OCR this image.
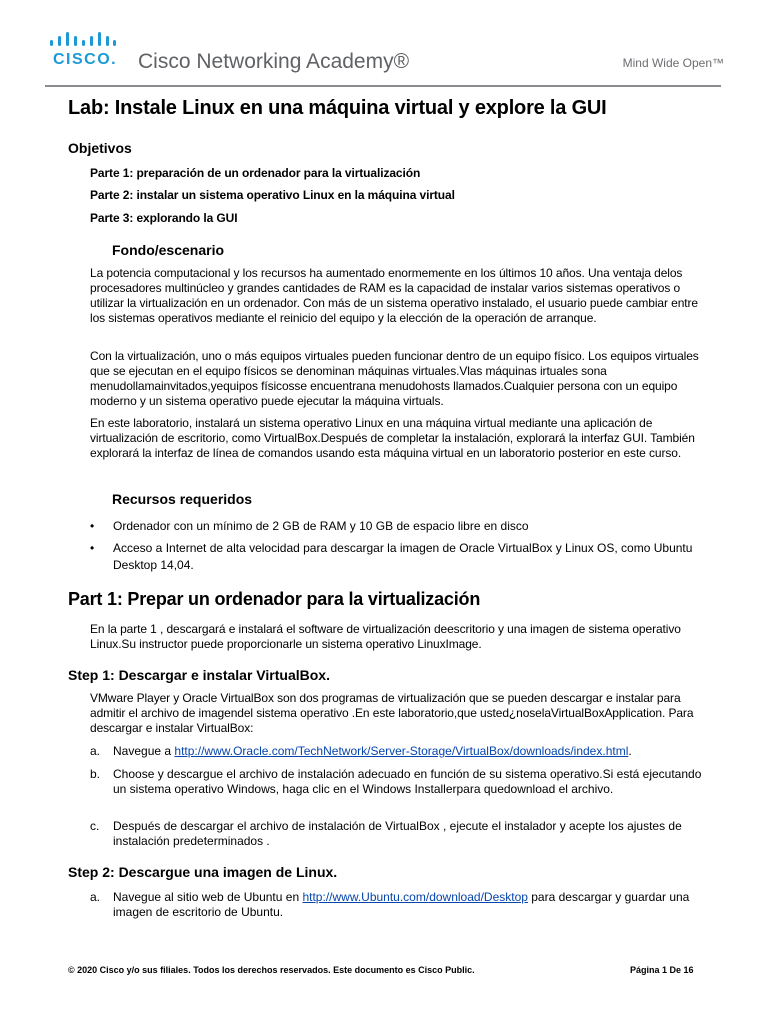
CISCO. Cisco Networking Academy®	Mind Wide Open™
Lab: Instale Linux en una máquina virtual y explore la GUI
Objetivos
Parte 1: preparación de un ordenador para la virtualización
Parte 2: instalar un sistema operativo Linux en la máquina virtual
Parte 3: explorando la GUI
Fondo/escenario

La potencia computacional y los recursos ha aumentado enormemente en los últimos 10 años. Una ventaja delos procesadores multinúcleo y grandes cantidades de RAM es la capacidad de instalar varios sistemas operativos o utilizar la virtualización en un ordenador. Con más de un sistema operativo instalado, el usuario puede cambiar entre los sistemas operativos mediante el reinicio del equipo y la elección de la operación de arranque.

Con la virtualización, uno o más equipos virtuales pueden funcionar dentro de un equipo físico. Los equipos virtuales que se ejecutan en el equipo físicos se denominan máquinas virtuales.Vlas máquinas irtuales sona menudollamainvitados,yequipos físicosse encuentrana menudohosts llamados.Cualquier persona con un equipo moderno y un sistema operativo puede ejecutar la máquina virtuals.

En este laboratorio, instalará un sistema operativo Linux en una máquina virtual mediante una aplicación de virtualización de escritorio, como VirtualBox.Después de completar la instalación, explorará la interfaz GUI. También explorará la interfaz de línea de comandos usando esta máquina virtual en un laboratorio posterior en este curso.

Recursos requeridos
• Ordenador con un mínimo de 2 GB de RAM y 10 GB de espacio libre en disco
• Acceso a Internet de alta velocidad para descargar la imagen de Oracle VirtualBox y Linux OS, como Ubuntu Desktop 14,04.
Part 1: Prepar un ordenador para la virtualización

En la parte 1 , descargará e instalará el software de virtualización deescritorio y una imagen de sistema operativo Linux.Su instructor puede proporcionarle un sistema operativo LinuxImage.

Step 1: Descargar e instalar VirtualBox.

VMware Player y Oracle VirtualBox son dos programas de virtualización que se pueden descargar e instalar para admitir el archivo de imagendel sistema operativo .En este laboratorio,que usted¿noselaVirtualBoxApplication. Para descargar e instalar VirtualBox:

a. Navegue a http://www.Oracle.com/TechNetwork/Server-Storage/VirtualBox/downloads/index.html.
b. Choose y descargue el archivo de instalación adecuado en función de su sistema operativo.Si está ejecutando un sistema operativo Windows, haga clic en el Windows Installerpara quedownload el archivo.
c. Después de descargar el archivo de instalación de VirtualBox , ejecute el instalador y acepte los ajustes de instalación predeterminados .
Step 2: Descargue una imagen de Linux.
a. Navegue al sitio web de Ubuntu en http://www.Ubuntu.com/download/Desktop para descargar y guardar una imagen de escritorio de Ubuntu.
© 2020 Cisco y/o sus filiales. Todos los derechos reservados. Este documento es Cisco Public.	Página 1 De 16
